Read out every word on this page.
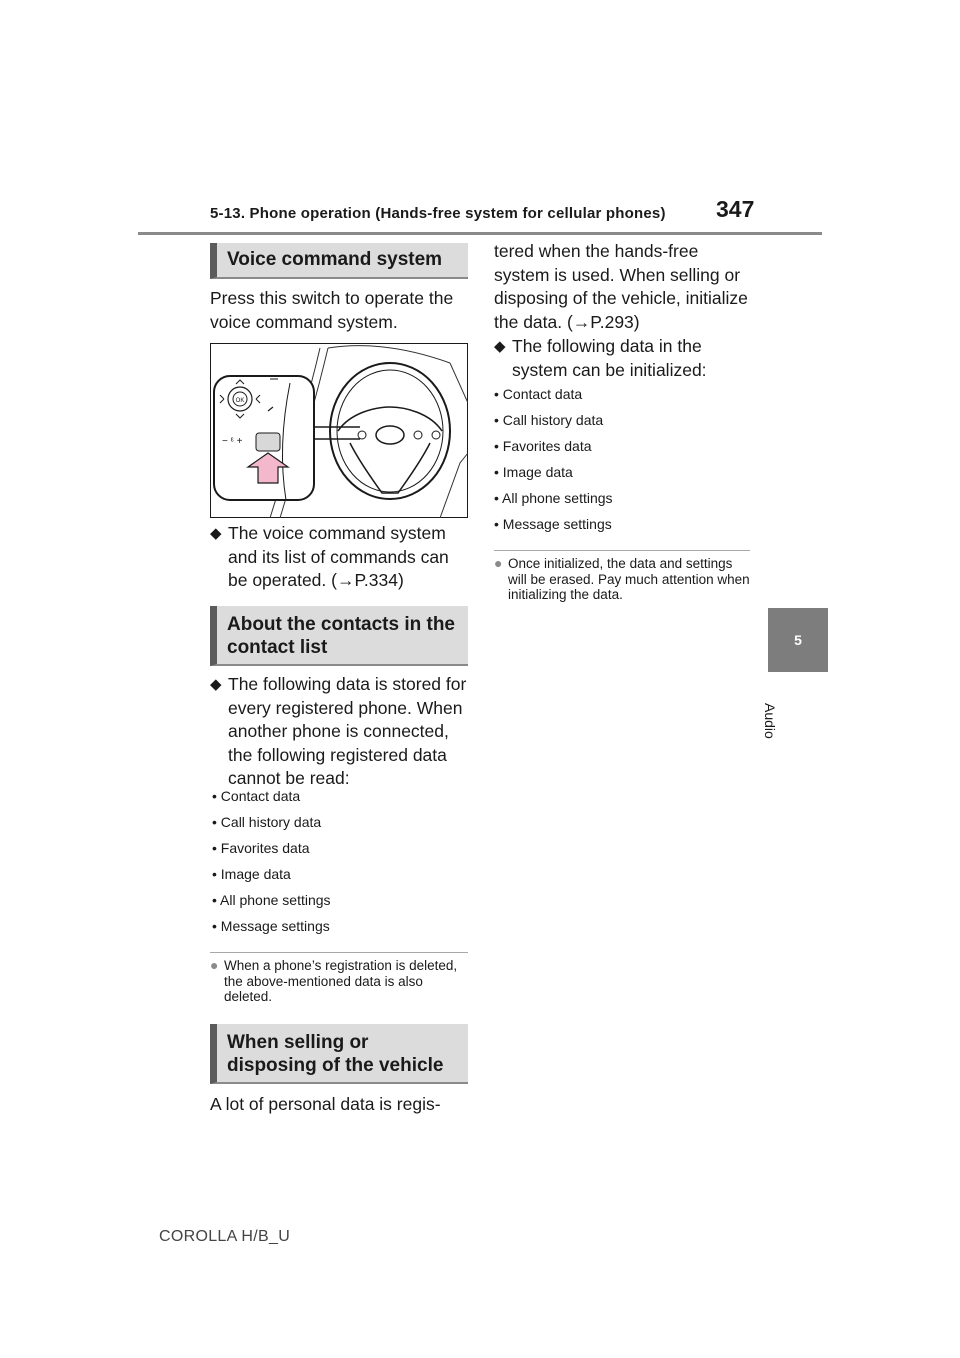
5-13. Phone operation (Hands-free system for cellular phones) 347
5
Audio
Voice command system
Press this switch to operate the voice command system.
OK
− ᵋ +
◆ The voice command system and its list of commands can be operated. (→P.334)
About the contacts in the contact list
◆ The following data is stored for every registered phone. When another phone is connected, the following registered data cannot be read:
• Contact data
• Call history data
• Favorites data
• Image data
• All phone settings
• Message settings
● When a phone’s registration is deleted, the above-mentioned data is also deleted.
When selling or disposing of the vehicle
A lot of personal data is regis-
tered when the hands-free system is used. When selling or disposing of the vehicle, initialize the data. (→P.293)
◆ The following data in the system can be initialized:
• Contact data
• Call history data
• Favorites data
• Image data
• All phone settings
• Message settings
● Once initialized, the data and settings will be erased. Pay much attention when initializing the data.
COROLLA H/B_U
